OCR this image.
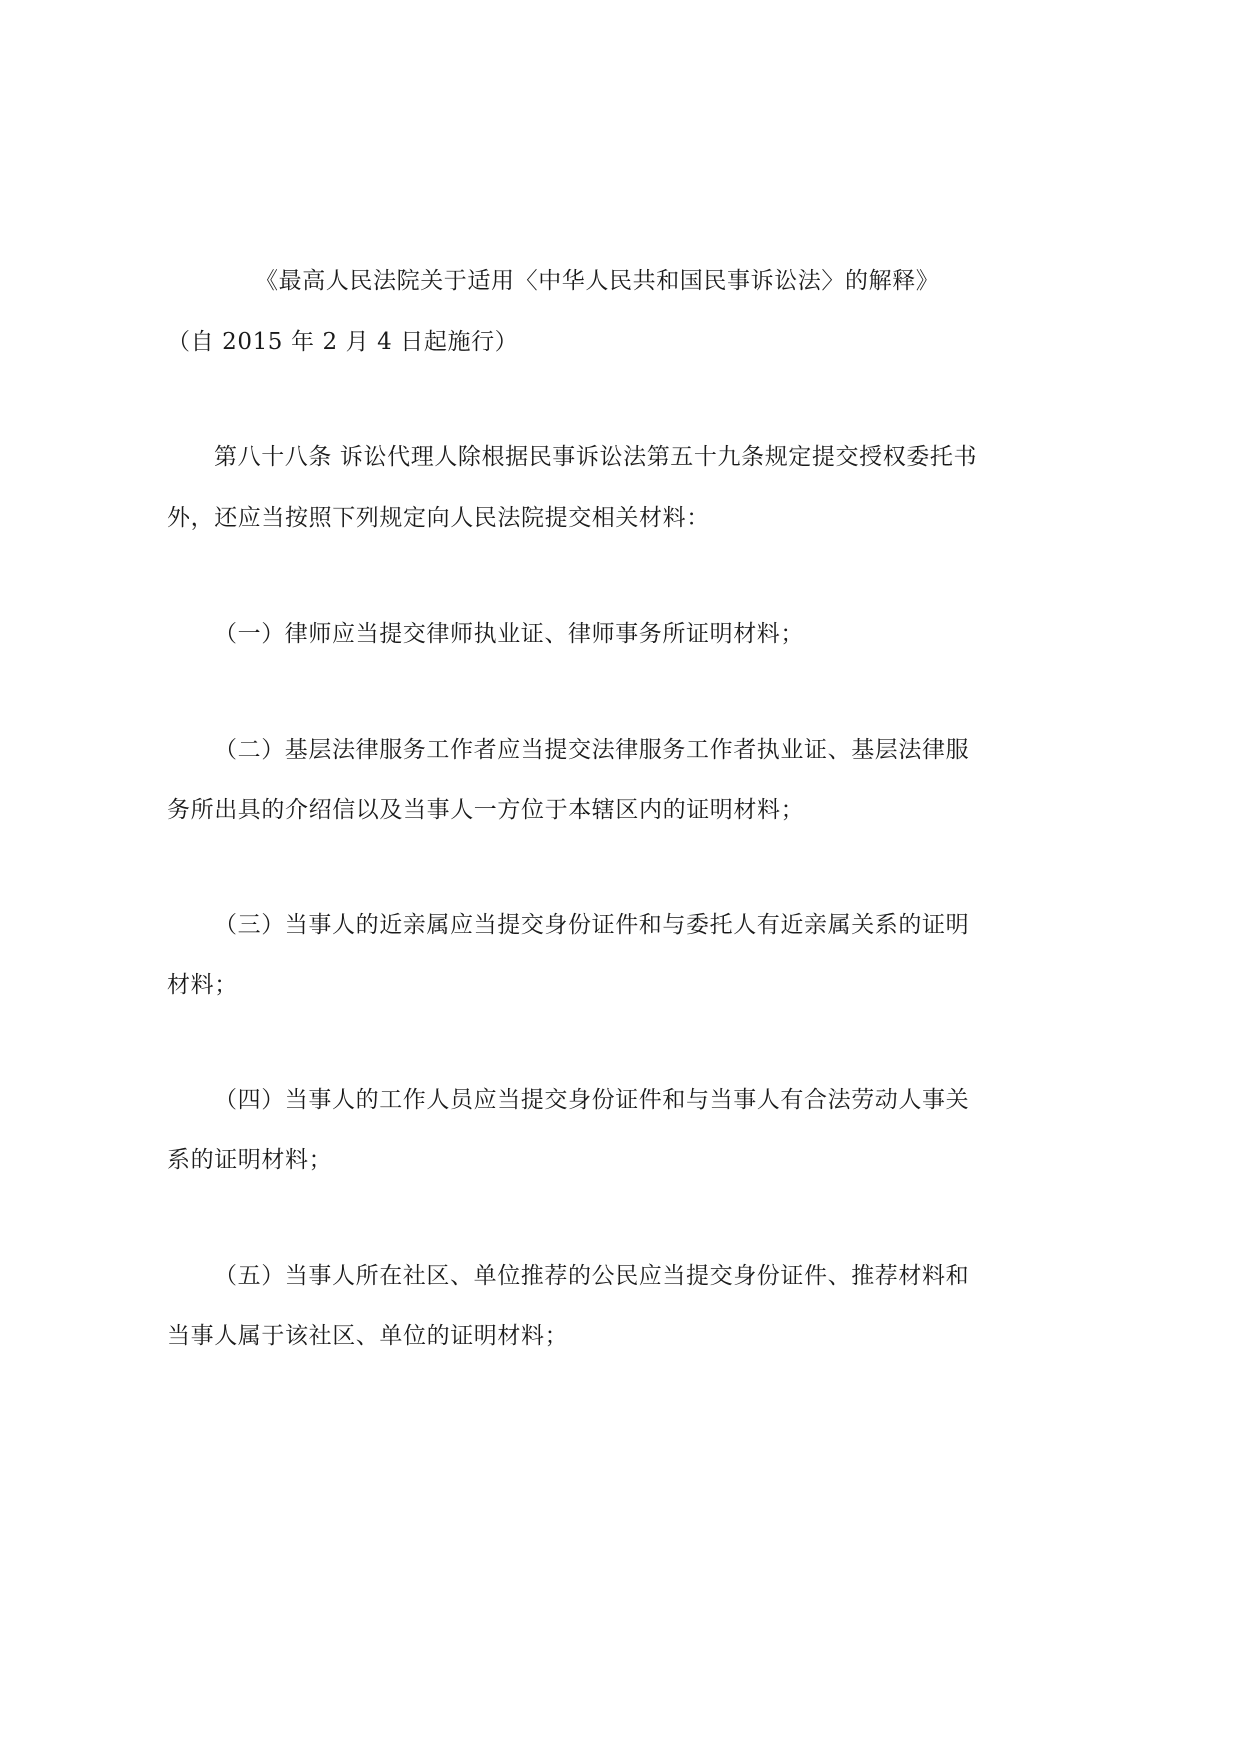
《最高人民法院关于适用〈中华人民共和国民事诉讼法〉的解释》
（自 2015 年 2 月 4 日起施行）
第八十八条 诉讼代理人除根据民事诉讼法第五十九条规定提交授权委托书
外，还应当按照下列规定向人民法院提交相关材料：
（一）律师应当提交律师执业证、律师事务所证明材料；
（二）基层法律服务工作者应当提交法律服务工作者执业证、基层法律服
务所出具的介绍信以及当事人一方位于本辖区内的证明材料；
（三）当事人的近亲属应当提交身份证件和与委托人有近亲属关系的证明
材料；
（四）当事人的工作人员应当提交身份证件和与当事人有合法劳动人事关
系的证明材料；
（五）当事人所在社区、单位推荐的公民应当提交身份证件、推荐材料和
当事人属于该社区、单位的证明材料；
